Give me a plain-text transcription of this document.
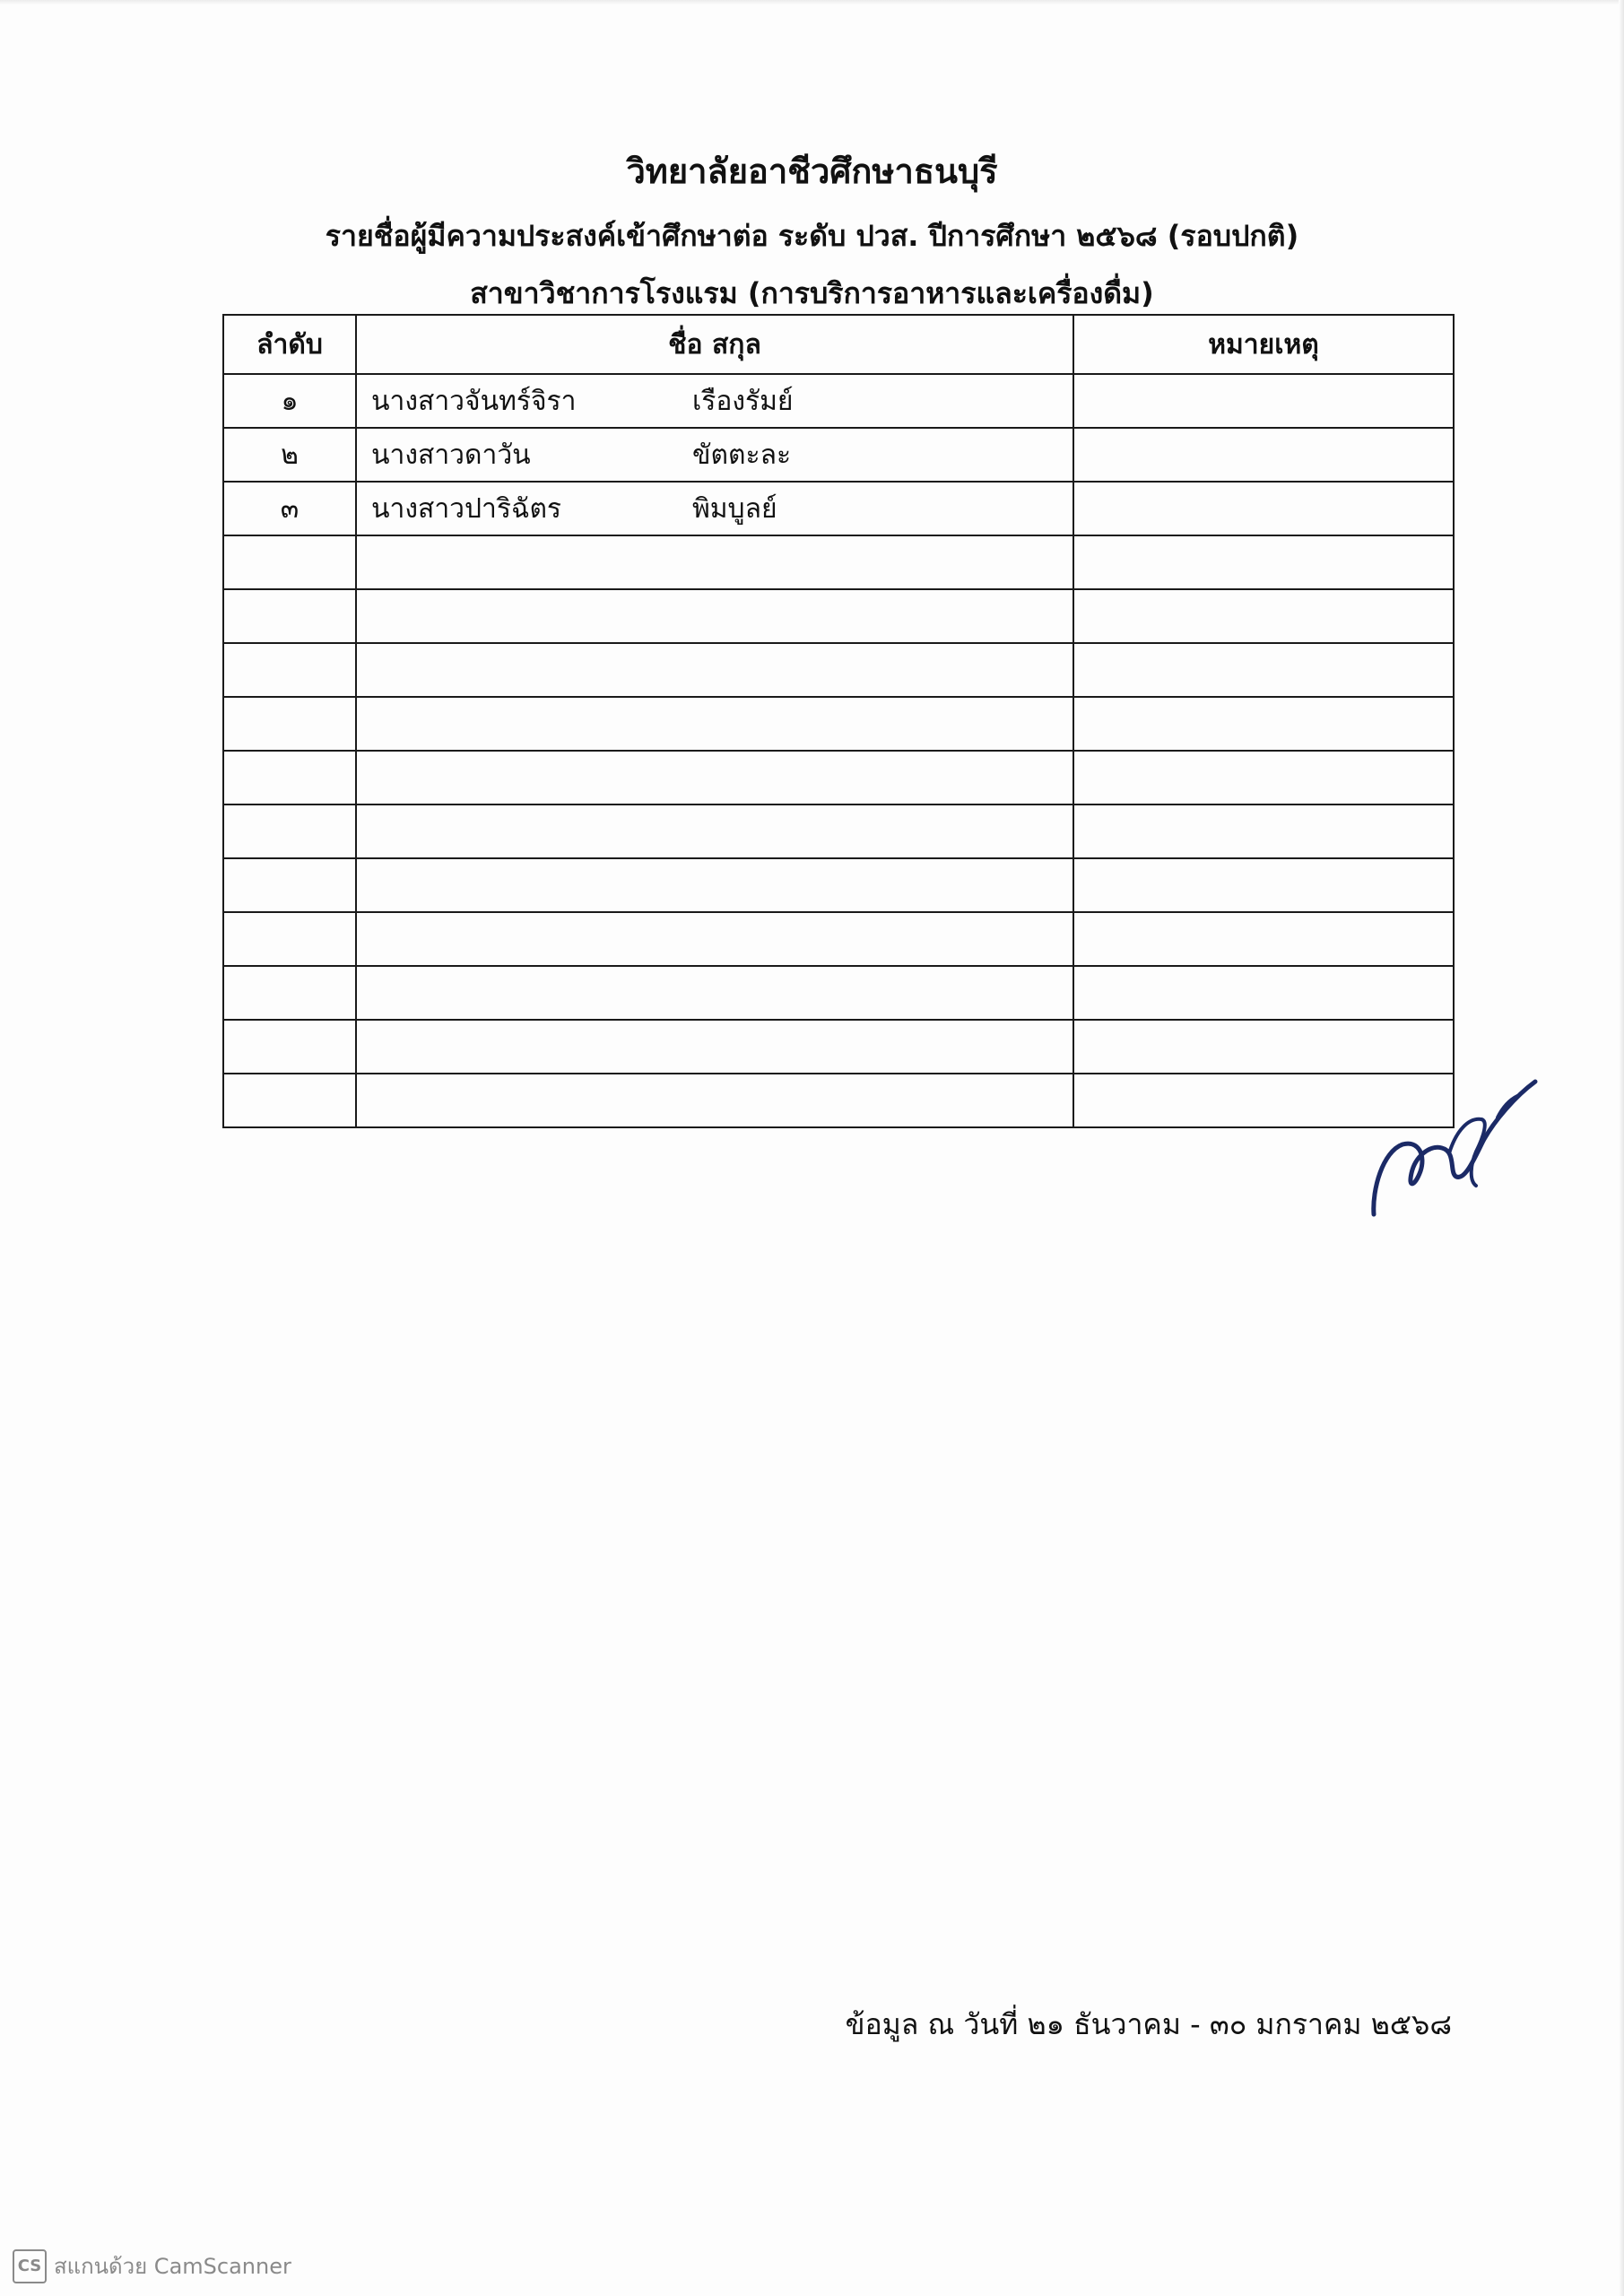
วิทยาลัยอาชีวศึกษาธนบุรี
รายชื่อผู้มีความประสงค์เข้าศึกษาต่อ ระดับ ปวส. ปีการศึกษา ๒๕๖๘ (รอบปกติ)
สาขาวิชาการโรงแรม (การบริการอาหารและเครื่องดื่ม)
ลำดับ	ชื่อ สกุล	หมายเหตุ
๑	นางสาวจันทร์จิรา เรืองรัมย์	
๒	นางสาวดาวัน ขัตตะละ	
๓	นางสาวปาริฉัตร พิมบูลย์	

ข้อมูล ณ วันที่ ๒๑ ธันวาคม - ๓๐ มกราคม ๒๕๖๘
CS สแกนด้วย CamScanner
